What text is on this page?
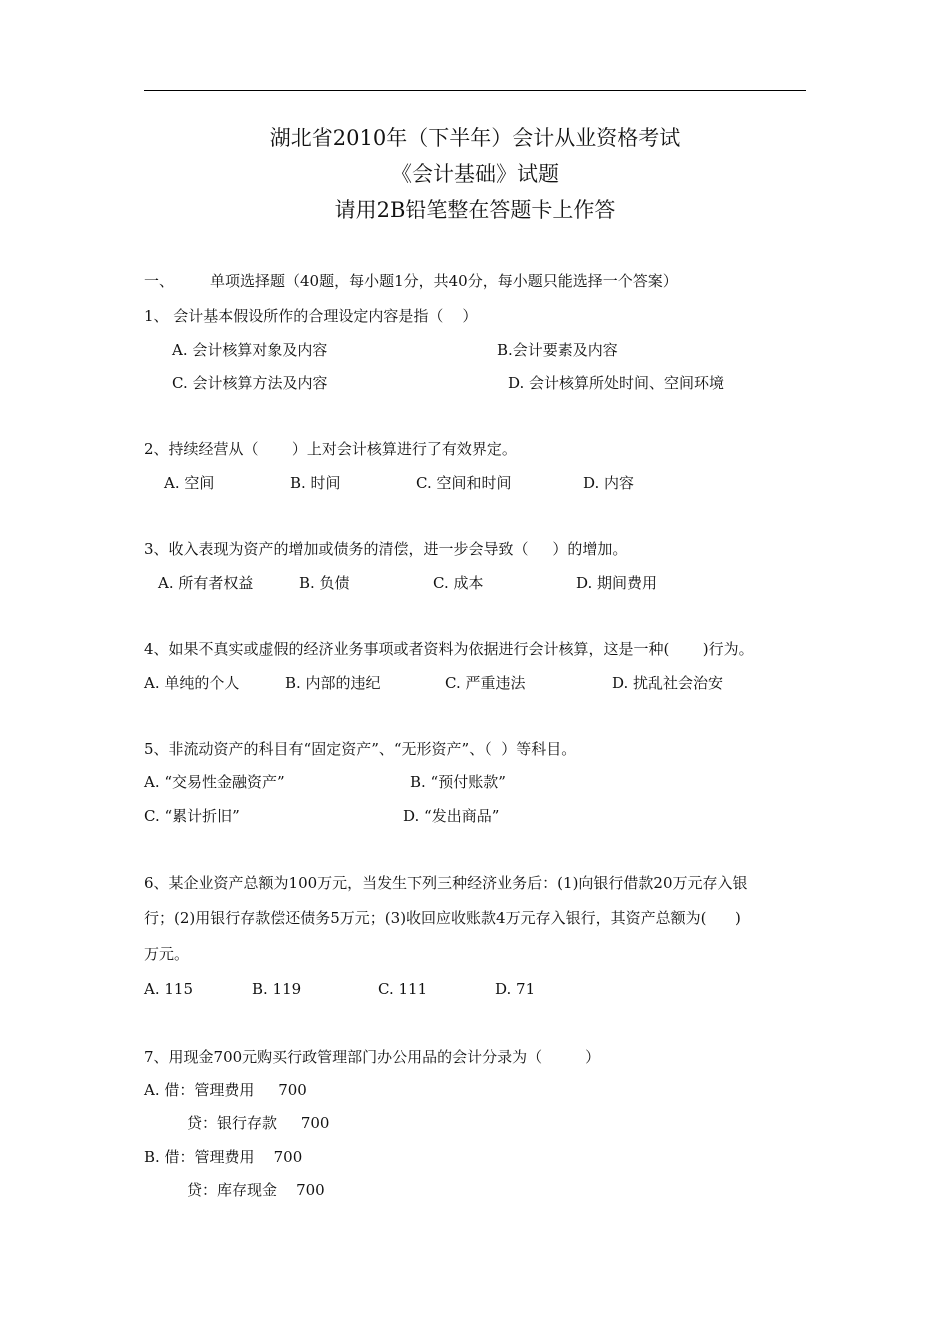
湖北省2010年（下半年）会计从业资格考试
《会计基础》试题
请用2B铅笔整在答题卡上作答
一、 单项选择题（40题，每小题1分，共40分，每小题只能选择一个答案）
1、 会计基本假设所作的合理设定内容是指（    ）
A. 会计核算对象及内容	B.会计要素及内容
C. 会计核算方法及内容	D. 会计核算所处时间、空间环境
2、持续经营从（       ）上对会计核算进行了有效界定。
A. 空间	B. 时间	C. 空间和时间	D. 内容
3、收入表现为资产的增加或债务的清偿，进一步会导致（     ）的增加。
A. 所有者权益	B. 负债	C. 成本	D. 期间费用
4、如果不真实或虚假的经济业务事项或者资料为依据进行会计核算，这是一种(       )行为。
A. 单纯的个人	B. 内部的违纪	C. 严重违法	D. 扰乱社会治安
5、非流动资产的科目有“固定资产”、“无形资产”、（  ）等科目。
A. “交易性金融资产”	B. “预付账款”
C. “累计折旧”	D. “发出商品”
6、某企业资产总额为100万元，当发生下列三种经济业务后：(1)向银行借款20万元存入银
行；(2)用银行存款偿还债务5万元；(3)收回应收账款4万元存入银行，其资产总额为(      )
万元。
A. 115	B. 119	C. 111	D. 71
7、用现金700元购买行政管理部门办公用品的会计分录为（         ）
A. 借：管理费用     700
贷：银行存款     700
B. 借：管理费用    700
贷：库存现金    700
